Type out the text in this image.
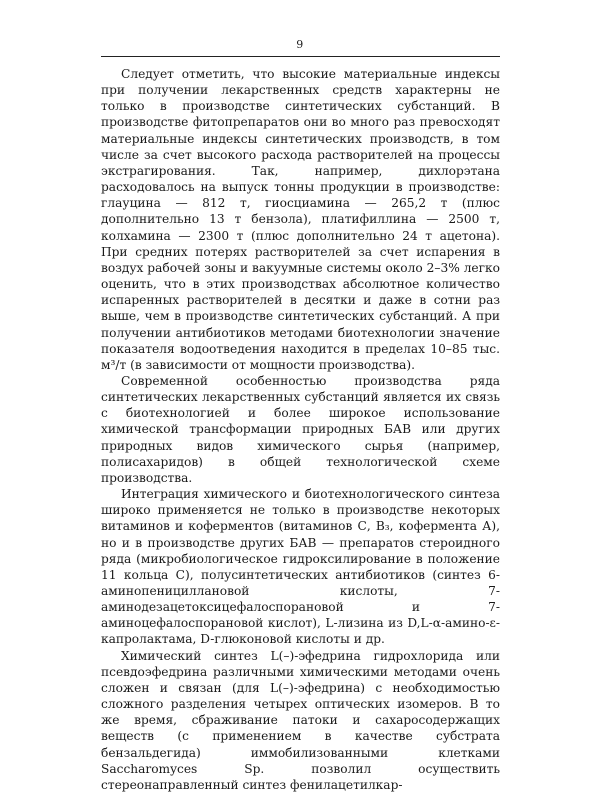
9

Следует отметить, что высокие материальные индексы при получении лекарственных средств характерны не только в производстве синтетических субстанций. В производстве фитопрепаратов они во много раз превосходят материальные индексы синтетических производств, в том числе за счет высокого расхода растворителей на процессы экстрагирования. Так, например, дихлорэтана расходовалось на выпуск тонны продукции в производстве: глауцина — 812 т, гиосциамина — 265,2 т (плюс дополнительно 13 т бензола), платифиллина — 2500 т, колхамина — 2300 т (плюс дополнительно 24 т ацетона). При средних потерях растворителей за счет испарения в воздух рабочей зоны и вакуумные системы около 2–3% легко оценить, что в этих производствах абсолютное количество испаренных растворителей в десятки и даже в сотни раз выше, чем в производстве синтетических субстанций. А при получении антибиотиков методами биотехнологии значение показателя водоотведения находится в пределах 10–85 тыс. м³/т (в зависимости от мощности производства).

Современной особенностью производства ряда синтетических лекарственных субстанций является их связь с биотехнологией и более широкое использование химической трансформации природных БАВ или других природных видов химического сырья (например, полисахаридов) в общей технологической схеме производства.

Интеграция химического и биотехнологического синтеза широко применяется не только в производстве некоторых витаминов и коферментов (витаминов С, B₃, кофермента А), но и в производстве других БАВ — препаратов стероидного ряда (микробиологическое гидроксилирование в положение 11 кольца С), полусинтетических антибиотиков (синтез 6-аминопенициллановой кислоты, 7-аминодезацетоксицефалоспорановой и 7-аминоцефалоспорановой кислот), L-лизина из D,L-α-амино-ε-капролактама, D-глюконовой кислоты и др.

Химический синтез L(–)-эфедрина гидрохлорида или псевдоэфедрина различными химическими методами очень сложен и связан (для L(–)-эфедрина) с необходимостью сложного разделения четырех оптических изомеров. В то же время, сбраживание патоки и сахаросодержащих веществ (с применением в качестве субстрата бензальдегида) иммобилизованными клетками Saccharomyces Sp. позволил осуществить стереонаправленный синтез фенилацетилкар-
